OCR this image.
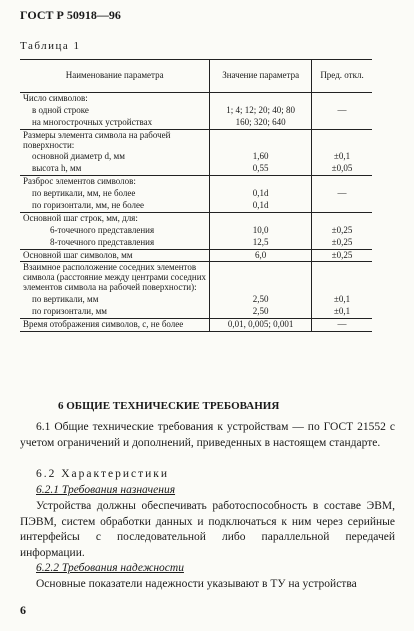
ГОСТ Р 50918—96
Таблица 1
Наименование параметра	Значение параметра	Пред. откл.
Число символов:		
в одной строке	1; 4; 12; 20; 40; 80	—
на многострочных устройствах	160; 320; 640	
Размеры элемента символа на рабочей поверхности:		
основной диаметр d, мм	1,60	±0,1
высота h, мм	0,55	±0,05
Разброс элементов символов:		
по вертикали, мм, не более	0,1d	—
по горизонтали, мм, не более	0,1d	
Основной шаг строк, мм, для:		
6-точечного представления	10,0	±0,25
8-точечного представления	12,5	±0,25
Основной шаг символов, мм	6,0	±0,25
Взаимное расположение соседних элементов символа (расстояние между центрами соседних элементов символа на рабочей поверхности):		
по вертикали, мм	2,50	±0,1
по горизонтали, мм	2,50	±0,1
Время отображения символов, с, не более	0,01, 0,005; 0,001	—
6 ОБЩИЕ ТЕХНИЧЕСКИЕ ТРЕБОВАНИЯ
6.1 Общие технические требования к устройствам — по ГОСТ 21552 с учетом ограничений и дополнений, приведенных в настоящем стандарте.
6.2 Характеристики
6.2.1 Требования назначения
Устройства должны обеспечивать работоспособность в составе ЭВМ, ПЭВМ, систем обработки данных и подключаться к ним через серийные интерфейсы с последовательной либо параллельной передачей информации.
6.2.2 Требования надежности
Основные показатели надежности указывают в ТУ на устройства
6
